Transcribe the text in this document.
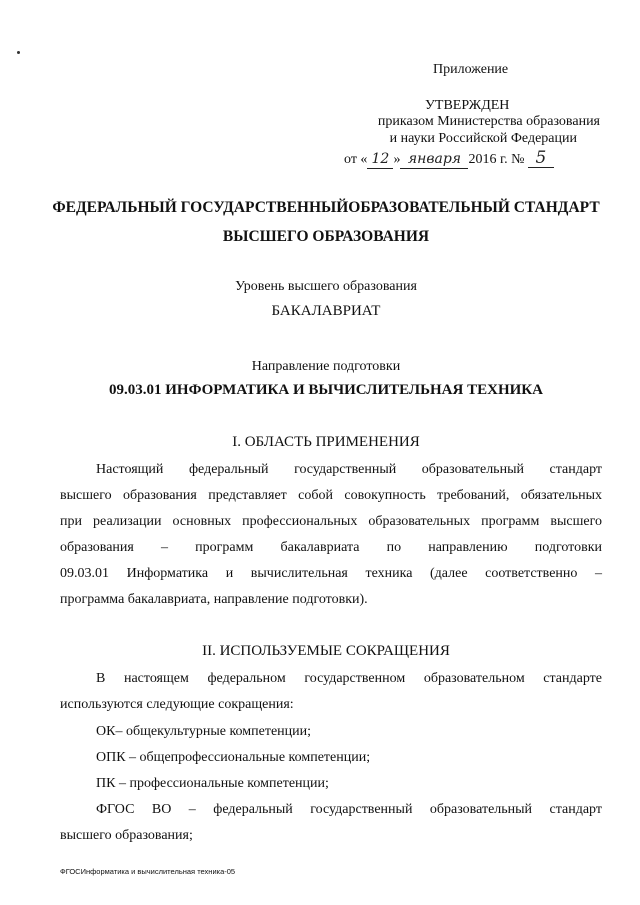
Приложение
УТВЕРЖДЕН
приказом Министерства образования
и науки Российской Федерации
от « 12 » января 2016 г. № 5
ФЕДЕРАЛЬНЫЙ ГОСУДАРСТВЕННЫЙОБРАЗОВАТЕЛЬНЫЙ СТАНДАРТ
ВЫСШЕГО ОБРАЗОВАНИЯ
Уровень высшего образования
БАКАЛАВРИАТ
Направление подготовки
09.03.01 ИНФОРМАТИКА И ВЫЧИСЛИТЕЛЬНАЯ ТЕХНИКА
I. ОБЛАСТЬ ПРИМЕНЕНИЯ
Настоящий федеральный государственный образовательный стандарт
высшего образования представляет собой совокупность требований, обязательных
при реализации основных профессиональных образовательных программ высшего
образования – программ бакалавриата по направлению подготовки
09.03.01 Информатика и вычислительная техника (далее соответственно –
программа бакалавриата, направление подготовки).
II. ИСПОЛЬЗУЕМЫЕ СОКРАЩЕНИЯ
В настоящем федеральном государственном образовательном стандарте
используются следующие сокращения:
ОК– общекультурные компетенции;
ОПК – общепрофессиональные компетенции;
ПК – профессиональные компетенции;
ФГОС ВО – федеральный государственный образовательный стандарт
высшего образования;
ФГОСИнформатика и вычислительная техника-05
